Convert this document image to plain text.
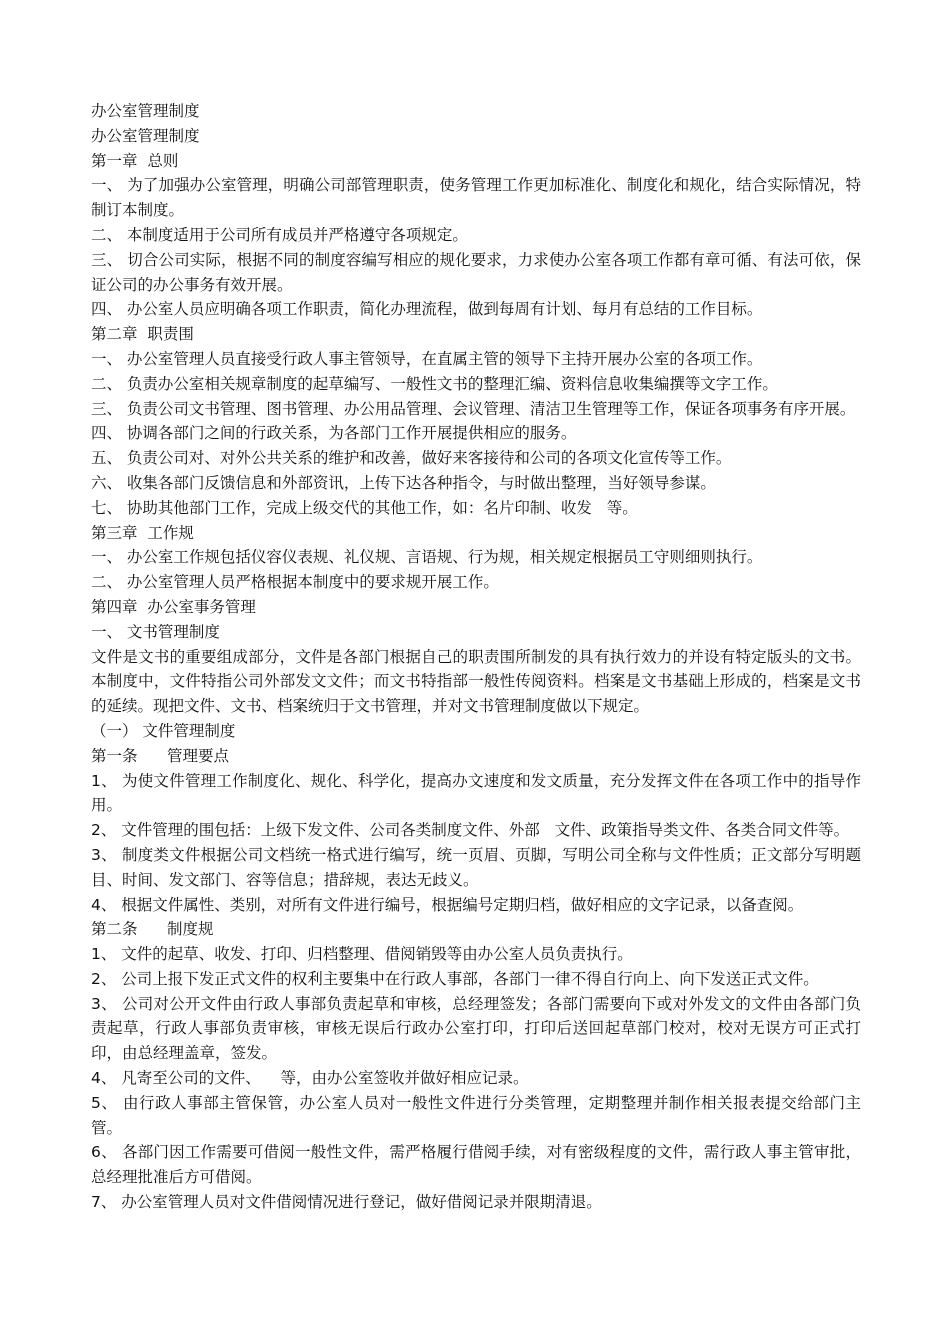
办公室管理制度

办公室管理制度

第一章  总则

一、 为了加强办公室管理，明确公司部管理职责，使务管理工作更加标准化、制度化和规化，结合实际情况，特制订本制度。

二、 本制度适用于公司所有成员并严格遵守各项规定。

三、 切合公司实际，根据不同的制度容编写相应的规化要求，力求使办公室各项工作都有章可循、有法可依，保证公司的办公事务有效开展。

四、 办公室人员应明确各项工作职责，简化办理流程，做到每周有计划、每月有总结的工作目标。

第二章  职责围

一、 办公室管理人员直接受行政人事主管领导，在直属主管的领导下主持开展办公室的各项工作。

二、 负责办公室相关规章制度的起草编写、一般性文书的整理汇编、资料信息收集编撰等文字工作。

三、 负责公司文书管理、图书管理、办公用品管理、会议管理、清洁卫生管理等工作，保证各项事务有序开展。

四、 协调各部门之间的行政关系，为各部门工作开展提供相应的服务。

五、 负责公司对、对外公共关系的维护和改善，做好来客接待和公司的各项文化宣传等工作。

六、 收集各部门反馈信息和外部资讯，上传下达各种指令，与时做出整理，当好领导参谋。

七、 协助其他部门工作，完成上级交代的其他工作，如：名片印制、收发   等。

第三章  工作规

一、 办公室工作规包括仪容仪表规、礼仪规、言语规、行为规，相关规定根据员工守则细则执行。

二、 办公室管理人员严格根据本制度中的要求规开展工作。

第四章  办公室事务管理

一、 文书管理制度

文件是文书的重要组成部分，文件是各部门根据自己的职责围所制发的具有执行效力的并设有特定版头的文书。本制度中，文件特指公司外部发文文件；而文书特指部一般性传阅资料。档案是文书基础上形成的，档案是文书的延续。现把文件、文书、档案统归于文书管理，并对文书管理制度做以下规定。

（一） 文件管理制度

第一条      管理要点

1、 为使文件管理工作制度化、规化、科学化，提高办文速度和发文质量，充分发挥文件在各项工作中的指导作用。

2、 文件管理的围包括：上级下发文件、公司各类制度文件、外部   文件、政策指导类文件、各类合同文件等。

3、 制度类文件根据公司文档统一格式进行编写，统一页眉、页脚，写明公司全称与文件性质；正文部分写明题目、时间、发文部门、容等信息；措辞规，表达无歧义。

4、 根据文件属性、类别，对所有文件进行编号，根据编号定期归档，做好相应的文字记录，以备查阅。

第二条      制度规

1、 文件的起草、收发、打印、归档整理、借阅销毁等由办公室人员负责执行。

2、 公司上报下发正式文件的权利主要集中在行政人事部，各部门一律不得自行向上、向下发送正式文件。

3、 公司对公开文件由行政人事部负责起草和审核，总经理签发；各部门需要向下或对外发文的文件由各部门负责起草，行政人事部负责审核，审核无误后行政办公室打印，打印后送回起草部门校对，校对无误方可正式打印，由总经理盖章，签发。

4、 凡寄至公司的文件、    等，由办公室签收并做好相应记录。

5、 由行政人事部主管保管，办公室人员对一般性文件进行分类管理，定期整理并制作相关报表提交给部门主管。

6、 各部门因工作需要可借阅一般性文件，需严格履行借阅手续，对有密级程度的文件，需行政人事主管审批，总经理批准后方可借阅。

7、 办公室管理人员对文件借阅情况进行登记，做好借阅记录并限期清退。
